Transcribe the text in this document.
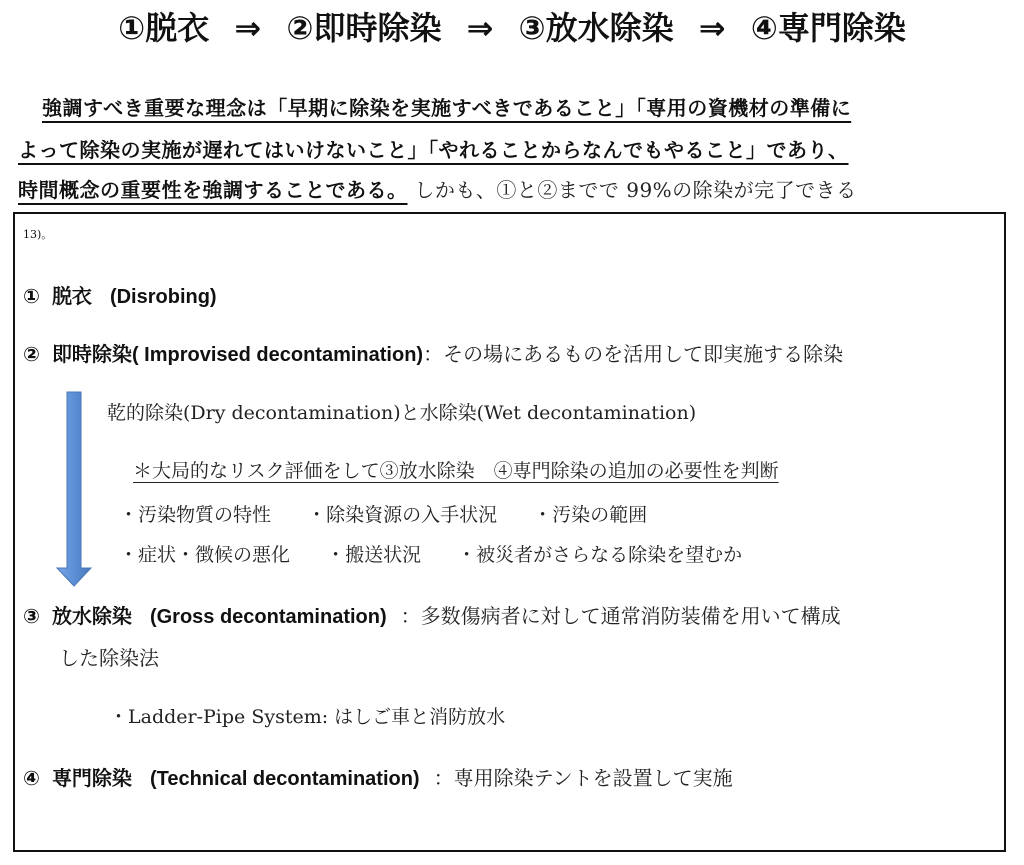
①脱衣 ⇒ ②即時除染 ⇒ ③放水除染 ⇒ ④専門除染
強調すべき重要な理念は「早期に除染を実施すべきであること」「専用の資機材の準備に
よって除染の実施が遅れてはいけないこと」「やれることからなんでもやること」であり、
時間概念の重要性を強調することである。 しかも、①と②までで 99%の除染が完了できる
13)。
① 脱衣 (Disrobing)
② 即時除染( Improvised decontamination)：その場にあるものを活用して即実施する除染
乾的除染(Dry decontamination)と水除染(Wet decontamination)
＊大局的なリスク評価をして③放水除染　④専門除染の追加の必要性を判断
・汚染物質の特性 ・除染資源の入手状況 ・汚染の範囲
・症状・徴候の悪化 ・搬送状況 ・被災者がさらなる除染を望むか
③ 放水除染 (Gross decontamination) ：多数傷病者に対して通常消防装備を用いて構成
した除染法
・Ladder-Pipe System: はしご車と消防放水
④ 専門除染 (Technical decontamination) ：専用除染テントを設置して実施
